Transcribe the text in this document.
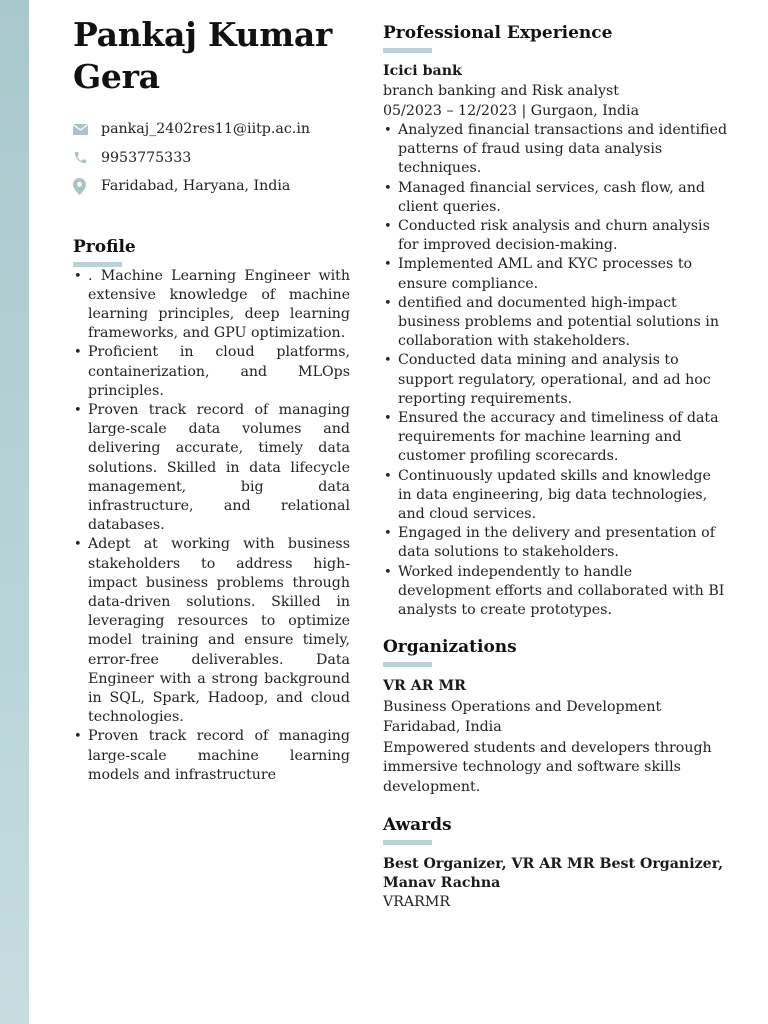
Pankaj Kumar Gera
pankaj_2402res11@iitp.ac.in
9953775333
Faridabad, Haryana, India
Profile
• . Machine Learning Engineer with extensive knowledge of machine learning principles, deep learning frameworks, and GPU optimization.
• Proficient in cloud platforms, containerization, and MLOps principles.
• Proven track record of managing large-scale data volumes and delivering accurate, timely data solutions. Skilled in data lifecycle management, big data infrastructure, and relational databases.
• Adept at working with business stakeholders to address high-impact business problems through data-driven solutions. Skilled in leveraging resources to optimize model training and ensure timely, error-free deliverables. Data Engineer with a strong background in SQL, Spark, Hadoop, and cloud technologies.
• Proven track record of managing large-scale machine learning models and infrastructure
Professional Experience
Icici bank
branch banking and Risk analyst
05/2023 – 12/2023 | Gurgaon, India
• Analyzed financial transactions and identified patterns of fraud using data analysis techniques.
• Managed financial services, cash flow, and client queries.
• Conducted risk analysis and churn analysis for improved decision-making.
• Implemented AML and KYC processes to ensure compliance.
• dentified and documented high-impact business problems and potential solutions in collaboration with stakeholders.
• Conducted data mining and analysis to support regulatory, operational, and ad hoc reporting requirements.
• Ensured the accuracy and timeliness of data requirements for machine learning and customer profiling scorecards.
• Continuously updated skills and knowledge in data engineering, big data technologies, and cloud services.
• Engaged in the delivery and presentation of data solutions to stakeholders.
• Worked independently to handle development efforts and collaborated with BI analysts to create prototypes.
Organizations
VR AR MR
Business Operations and Development
Faridabad, India
Empowered students and developers through immersive technology and software skills development.
Awards
Best Organizer, VR AR MR Best Organizer, Manav Rachna
VRARMR
